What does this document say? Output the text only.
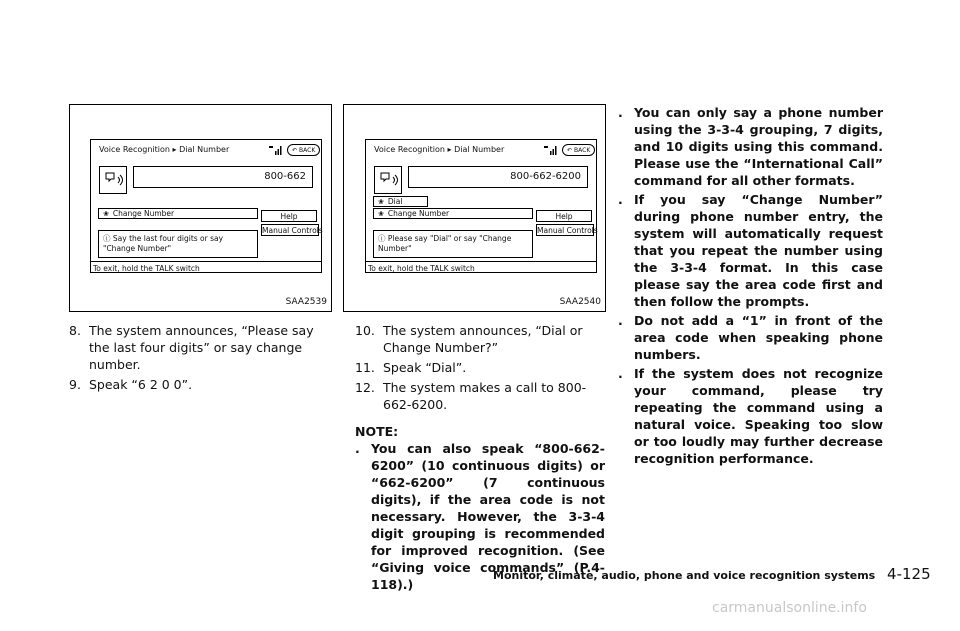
Voice Recognition ▸ Dial Number	↶ BACK
800-662
❀ Change Number	Help
Manual Controls
ⓘ Say the last four digits or say "Change Number"
To exit, hold the TALK switch
SAA2539
Voice Recognition ▸ Dial Number	↶ BACK
800-662-6200
❀ Dial
❀ Change Number	Help
Manual Controls
ⓘ Please say "Dial" or say "Change Number"
To exit, hold the TALK switch
SAA2540
8. The system announces, “Please say the last four digits” or say change number.
9. Speak “6 2 0 0”.
10. The system announces, “Dial or Change Number?”
11. Speak “Dial”.
12. The system makes a call to 800-662-6200.
NOTE:
. You can also speak “800-662-6200” (10 continuous digits) or “662-6200” (7 continuous digits), if the area code is not necessary. However, the 3-3-4 digit grouping is recommended for improved recognition. (See “Giving voice commands” (P.4-118).)
. You can only say a phone number using the 3-3-4 grouping, 7 digits, and 10 digits using this command. Please use the “International Call” command for all other formats.
. If you say “Change Number” during phone number entry, the system will automatically request that you repeat the number using the 3-3-4 format. In this case please say the area code first and then follow the prompts.
. Do not add a “1” in front of the area code when speaking phone numbers.
. If the system does not recognize your command, please try repeating the command using a natural voice. Speaking too slow or too loudly may further decrease recognition performance.
Monitor, climate, audio, phone and voice recognition systems 4-125
carmanualsonline.info
